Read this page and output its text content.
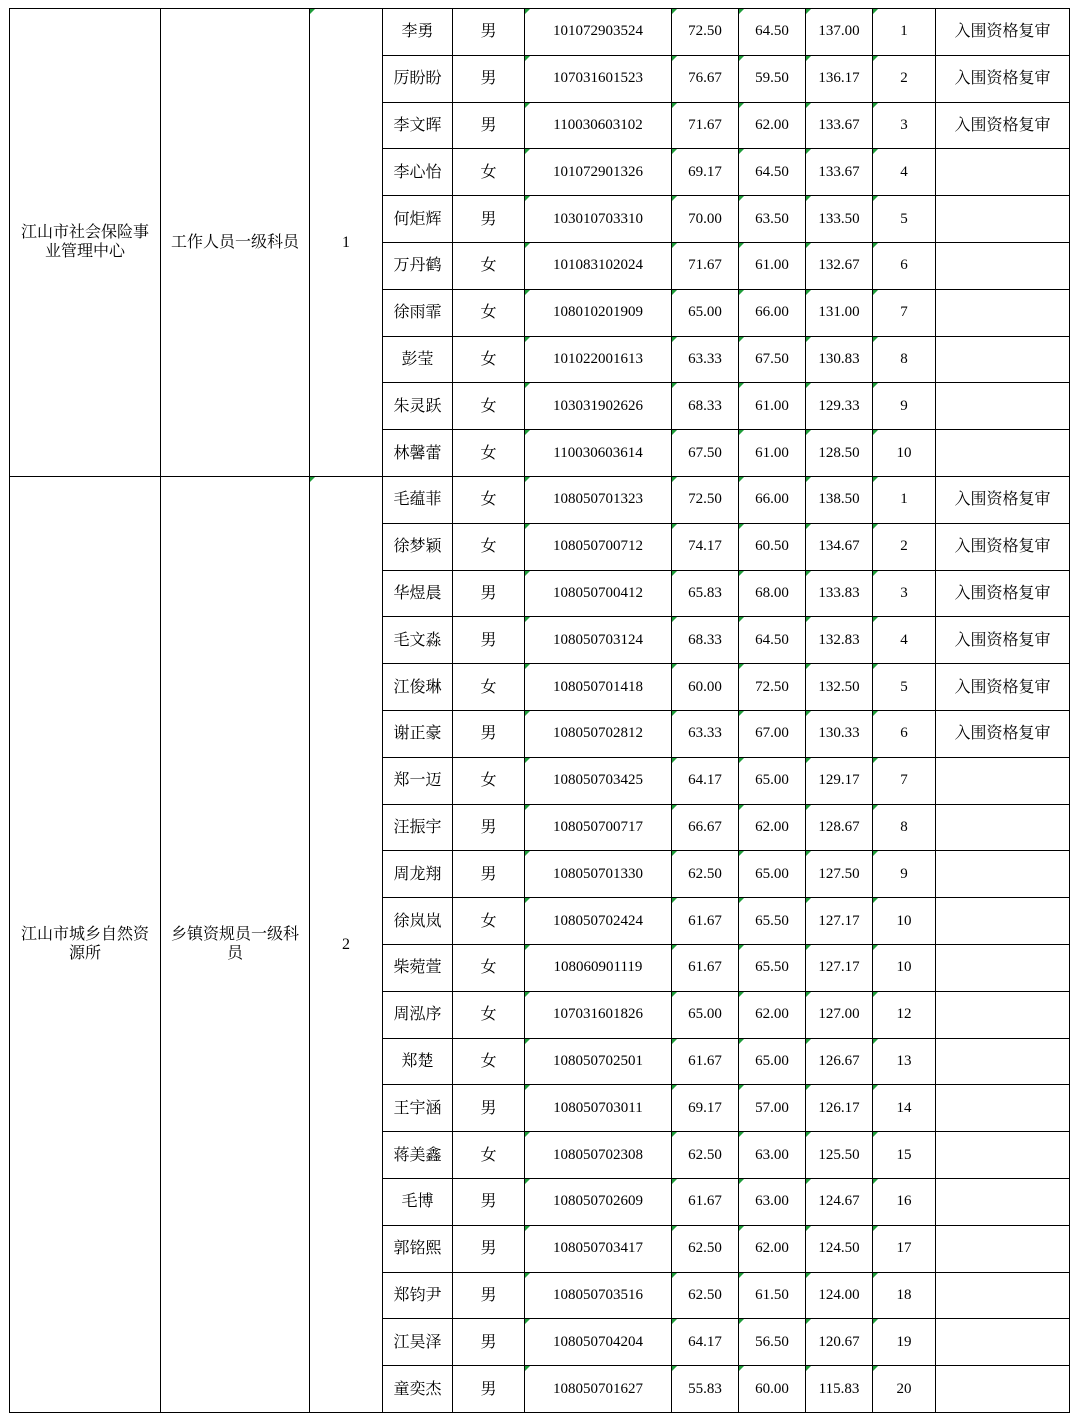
江山市社会保险事业管理中心	工作人员一级科员	1	李勇	男	101072903524	72.50	64.50	137.00	1	入围资格复审
			厉盼盼	男	107031601523	76.67	59.50	136.17	2	入围资格复审
			李文晖	男	110030603102	71.67	62.00	133.67	3	入围资格复审
			李心怡	女	101072901326	69.17	64.50	133.67	4	
			何炬辉	男	103010703310	70.00	63.50	133.50	5	
			万丹鹤	女	101083102024	71.67	61.00	132.67	6	
			徐雨霏	女	108010201909	65.00	66.00	131.00	7	
			彭莹	女	101022001613	63.33	67.50	130.83	8	
			朱灵跃	女	103031902626	68.33	61.00	129.33	9	
			林馨蕾	女	110030603614	67.50	61.00	128.50	10	
江山市城乡自然资源所	乡镇资规员一级科员	2	毛蕴菲	女	108050701323	72.50	66.00	138.50	1	入围资格复审
			徐梦颖	女	108050700712	74.17	60.50	134.67	2	入围资格复审
			华煜晨	男	108050700412	65.83	68.00	133.83	3	入围资格复审
			毛文淼	男	108050703124	68.33	64.50	132.83	4	入围资格复审
			江俊琳	女	108050701418	60.00	72.50	132.50	5	入围资格复审
			谢正豪	男	108050702812	63.33	67.00	130.33	6	入围资格复审
			郑一迈	女	108050703425	64.17	65.00	129.17	7	
			汪振宇	男	108050700717	66.67	62.00	128.67	8	
			周龙翔	男	108050701330	62.50	65.00	127.50	9	
			徐岚岚	女	108050702424	61.67	65.50	127.17	10	
			柴菀萱	女	108060901119	61.67	65.50	127.17	10	
			周泓序	女	107031601826	65.00	62.00	127.00	12	
			郑楚	女	108050702501	61.67	65.00	126.67	13	
			王宇涵	男	108050703011	69.17	57.00	126.17	14	
			蒋美鑫	女	108050702308	62.50	63.00	125.50	15	
			毛博	男	108050702609	61.67	63.00	124.67	16	
			郭铭熙	男	108050703417	62.50	62.00	124.50	17	
			郑钧尹	男	108050703516	62.50	61.50	124.00	18	
			江昊泽	男	108050704204	64.17	56.50	120.67	19	
			童奕杰	男	108050701627	55.83	60.00	115.83	20	
